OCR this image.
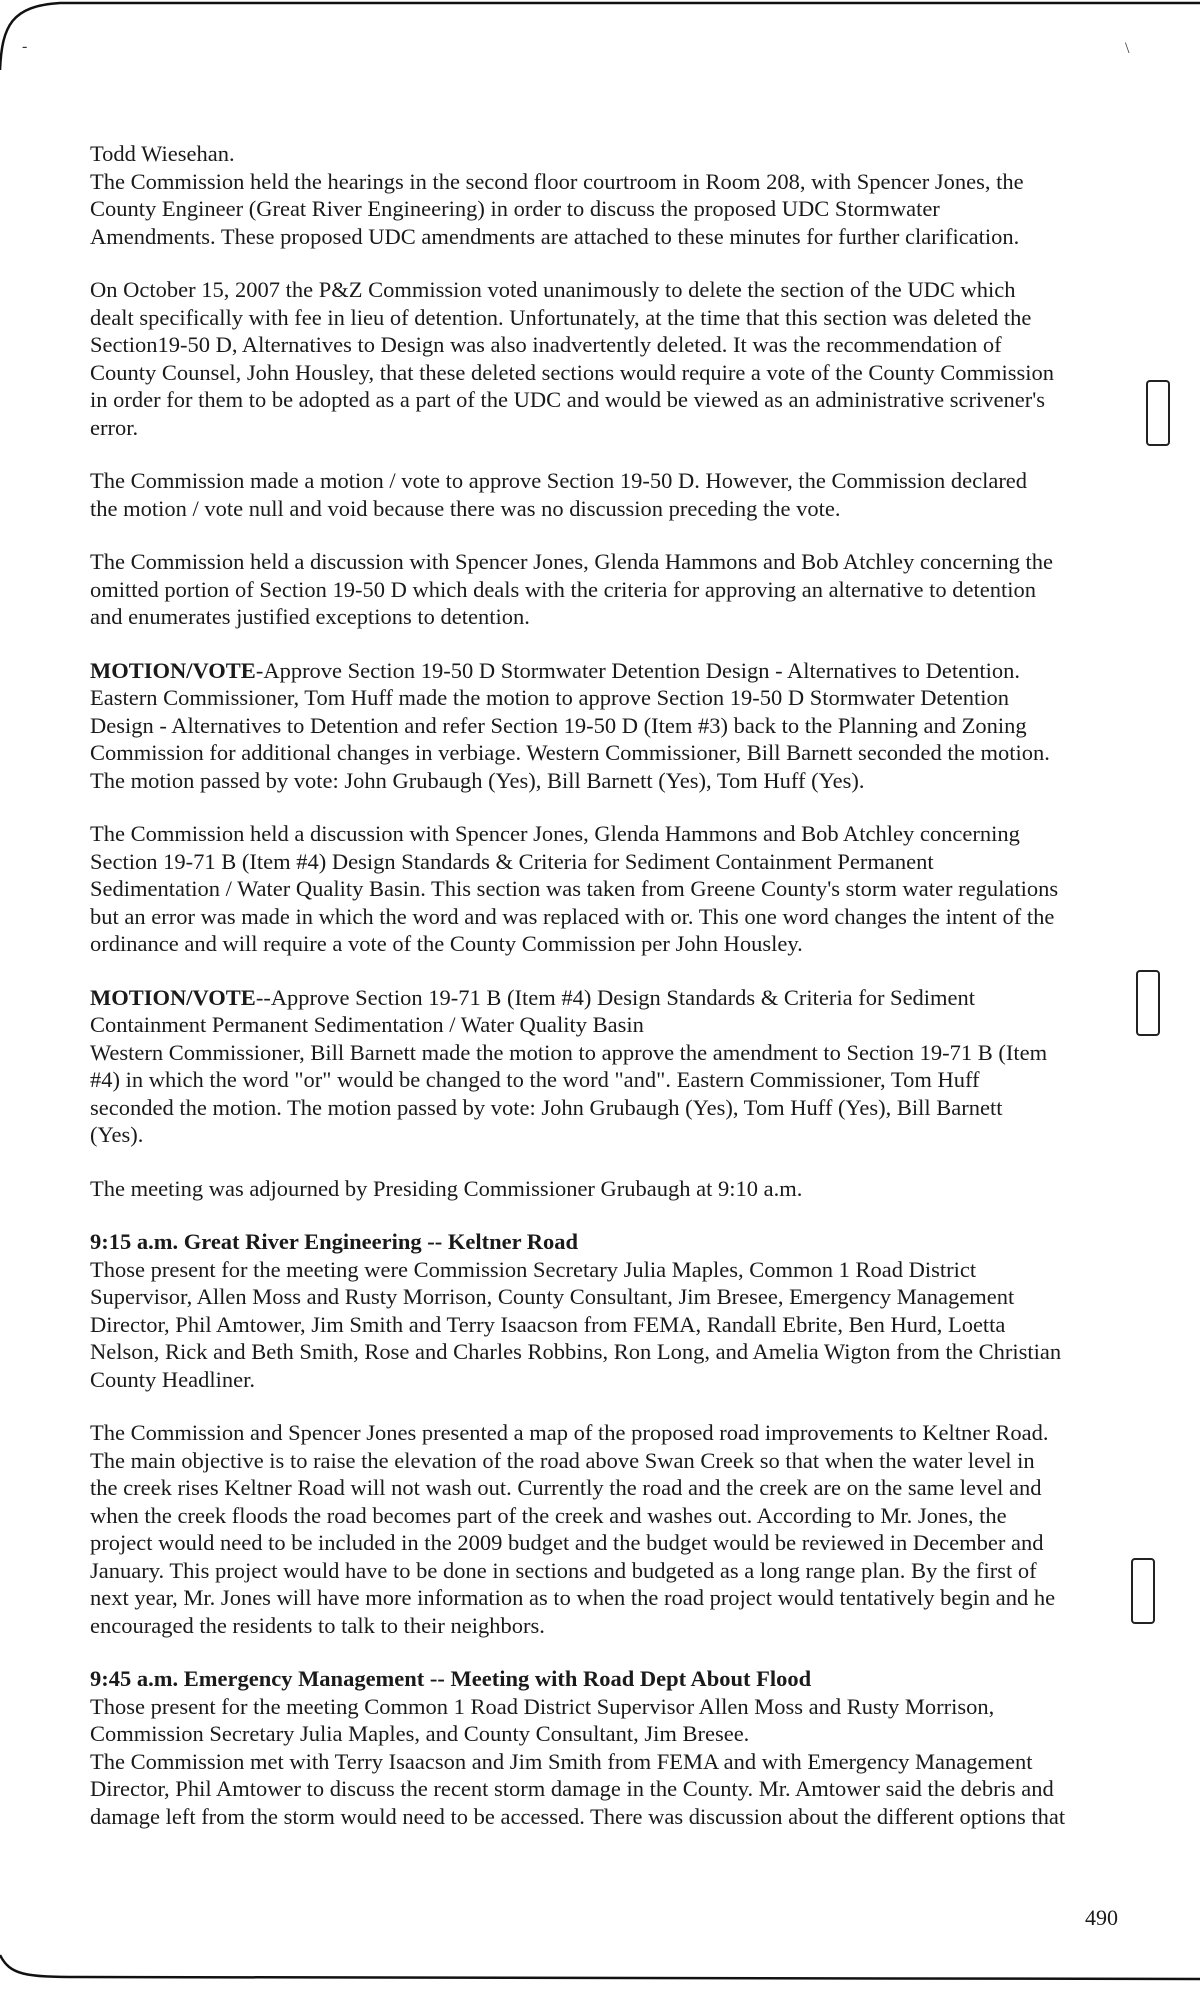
-	\
Todd Wiesehan.
The Commission held the hearings in the second floor courtroom in Room 208, with Spencer Jones, the
County Engineer (Great River Engineering) in order to discuss the proposed UDC Stormwater
Amendments. These proposed UDC amendments are attached to these minutes for further clarification.
On October 15, 2007 the P&Z Commission voted unanimously to delete the section of the UDC which
dealt specifically with fee in lieu of detention. Unfortunately, at the time that this section was deleted the
Section19-50 D, Alternatives to Design was also inadvertently deleted. It was the recommendation of
County Counsel, John Housley, that these deleted sections would require a vote of the County Commission
in order for them to be adopted as a part of the UDC and would be viewed as an administrative scrivener's
error.
The Commission made a motion / vote to approve Section 19-50 D. However, the Commission declared
the motion / vote null and void because there was no discussion preceding the vote.
The Commission held a discussion with Spencer Jones, Glenda Hammons and Bob Atchley concerning the
omitted portion of Section 19-50 D which deals with the criteria for approving an alternative to detention
and enumerates justified exceptions to detention.
MOTION/VOTE-Approve Section 19-50 D Stormwater Detention Design - Alternatives to Detention.
Eastern Commissioner, Tom Huff made the motion to approve Section 19-50 D Stormwater Detention
Design - Alternatives to Detention and refer Section 19-50 D (Item #3) back to the Planning and Zoning
Commission for additional changes in verbiage. Western Commissioner, Bill Barnett seconded the motion.
The motion passed by vote: John Grubaugh (Yes), Bill Barnett (Yes), Tom Huff (Yes).
The Commission held a discussion with Spencer Jones, Glenda Hammons and Bob Atchley concerning
Section 19-71 B (Item #4) Design Standards & Criteria for Sediment Containment Permanent
Sedimentation / Water Quality Basin. This section was taken from Greene County's storm water regulations
but an error was made in which the word and was replaced with or. This one word changes the intent of the
ordinance and will require a vote of the County Commission per John Housley.
MOTION/VOTE--Approve Section 19-71 B (Item #4) Design Standards & Criteria for Sediment
Containment Permanent Sedimentation / Water Quality Basin
Western Commissioner, Bill Barnett made the motion to approve the amendment to Section 19-71 B (Item
#4) in which the word "or" would be changed to the word "and". Eastern Commissioner, Tom Huff
seconded the motion. The motion passed by vote: John Grubaugh (Yes), Tom Huff (Yes), Bill Barnett
(Yes).
The meeting was adjourned by Presiding Commissioner Grubaugh at 9:10 a.m.
9:15 a.m. Great River Engineering -- Keltner Road
Those present for the meeting were Commission Secretary Julia Maples, Common 1 Road District
Supervisor, Allen Moss and Rusty Morrison, County Consultant, Jim Bresee, Emergency Management
Director, Phil Amtower, Jim Smith and Terry Isaacson from FEMA, Randall Ebrite, Ben Hurd, Loetta
Nelson, Rick and Beth Smith, Rose and Charles Robbins, Ron Long, and Amelia Wigton from the Christian
County Headliner.
The Commission and Spencer Jones presented a map of the proposed road improvements to Keltner Road.
The main objective is to raise the elevation of the road above Swan Creek so that when the water level in
the creek rises Keltner Road will not wash out. Currently the road and the creek are on the same level and
when the creek floods the road becomes part of the creek and washes out. According to Mr. Jones, the
project would need to be included in the 2009 budget and the budget would be reviewed in December and
January. This project would have to be done in sections and budgeted as a long range plan. By the first of
next year, Mr. Jones will have more information as to when the road project would tentatively begin and he
encouraged the residents to talk to their neighbors.
9:45 a.m. Emergency Management -- Meeting with Road Dept About Flood
Those present for the meeting Common 1 Road District Supervisor Allen Moss and Rusty Morrison,
Commission Secretary Julia Maples, and County Consultant, Jim Bresee.
The Commission met with Terry Isaacson and Jim Smith from FEMA and with Emergency Management
Director, Phil Amtower to discuss the recent storm damage in the County. Mr. Amtower said the debris and
damage left from the storm would need to be accessed. There was discussion about the different options that
490
